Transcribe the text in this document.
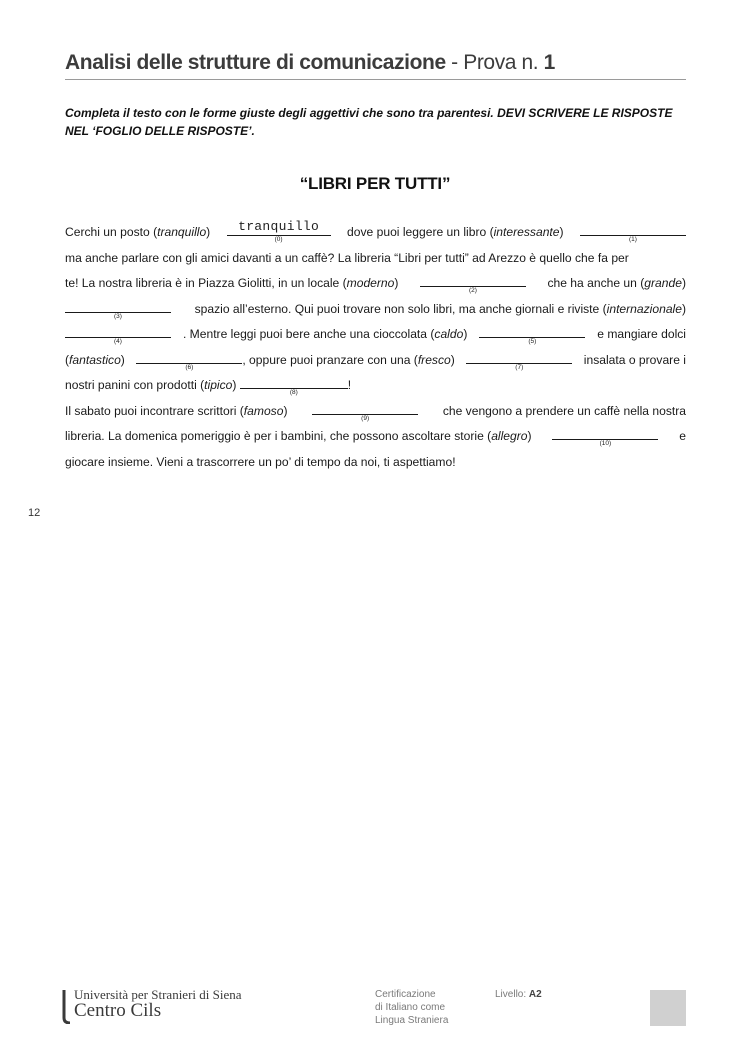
Analisi delle strutture di comunicazione - Prova n. 1

Completa il testo con le forme giuste degli aggettivi che sono tra parentesi. DEVI SCRIVERE LE RISPOSTE NEL ‘FOGLIO DELLE RISPOSTE’.

“LIBRI PER TUTTI”
Cerchi un posto (tranquillo)	tranquillo
(0)
dove puoi leggere un libro (interessante)
(1)
ma anche parlare con gli amici davanti a un caffè? La libreria “Libri per tutti” ad Arezzo è quello che fa per
te! La nostra libreria è in Piazza Giolitti, in un locale (moderno)
(2)
che ha anche un (grande)
(3)
spazio all’esterno. Qui puoi trovare non solo libri, ma anche giornali e riviste (internazionale)
(4)
. Mentre leggi puoi bere anche una cioccolata (caldo)
(5)
e mangiare dolci
(fantastico)
(6)
, oppure puoi pranzare con una (fresco)
(7)
insalata o provare i
nostri panini con prodotti (tipico)
(8)
!
Il sabato puoi incontrare scrittori (famoso)
(9)
che vengono a prendere un caffè nella nostra
libreria. La domenica pomeriggio è per i bambini, che possono ascoltare storie (allegro)
(10)
e
giocare insieme. Vieni a trascorrere un po’ di tempo da noi, ti aspettiamo!
12
Università per Stranieri di Siena
Centro Cils
Certificazione
di Italiano come
Lingua Straniera
Livello: A2
